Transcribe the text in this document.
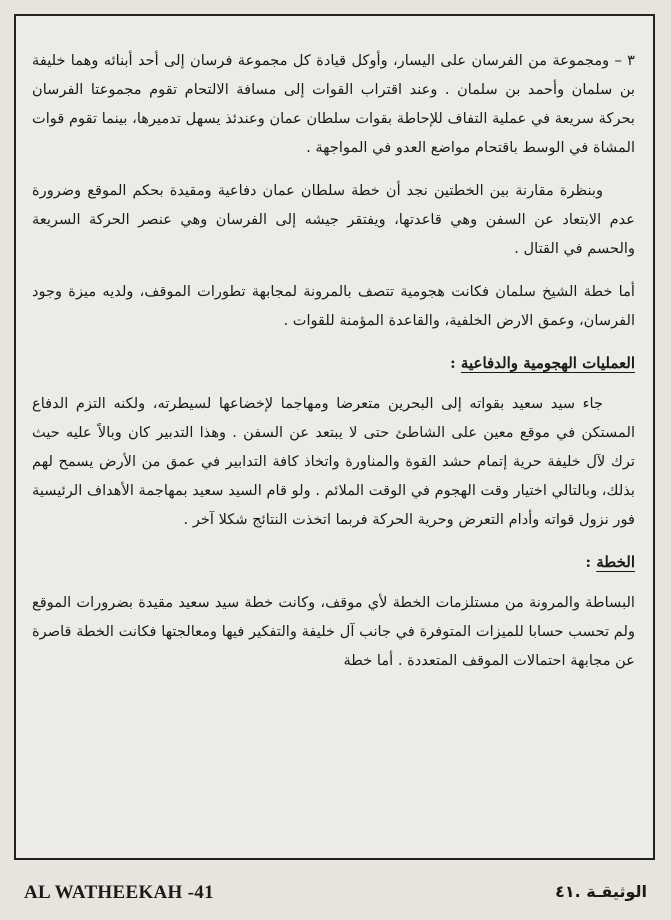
٣ – ومجموعة من الفرسان على اليسار، وأوكل قيادة كل مجموعة فرسان إلى أحد أبنائه وهما خليفة بن سلمان وأحمد بن سلمان . وعند اقتراب القوات إلى مسافة الالتحام تقوم مجموعتا الفرسان بحركة سريعة في عملية التفاف للإحاطة بقوات سلطان عمان وعندئذ يسهل تدميرها، بينما تقوم قوات المشاة في الوسط باقتحام مواضع العدو في المواجهة .

وبنظرة مقارنة بين الخطتين نجد أن خطة سلطان عمان دفاعية ومقيدة بحكم الموقع وضرورة عدم الابتعاد عن السفن وهي قاعدتها، ويفتقر جيشه إلى الفرسان وهي عنصر الحركة السريعة والحسم في القتال .

أما خطة الشيخ سلمان فكانت هجومية تتصف بالمرونة لمجابهة تطورات الموقف، ولديه ميزة وجود الفرسان، وعمق الارض الخلفية، والقاعدة المؤمنة للقوات .

العمليات الهجومية والدفاعية :

جاء سيد سعيد بقواته إلى البحرين متعرضا ومهاجما لإخضاعها لسيطرته، ولكنه التزم الدفاع المستكن في موقع معين على الشاطئ حتى لا يبتعد عن السفن . وهذا التدبير كان وبالاً عليه حيث ترك لآل خليفة حرية إتمام حشد القوة والمناورة واتخاذ كافة التدابير في عمق من الأرض يسمح لهم بذلك، وبالتالي اختيار وقت الهجوم في الوقت الملائم . ولو قام السيد سعيد بمهاجمة الأهداف الرئيسية فور نزول قواته وأدام التعرض وحرية الحركة فربما اتخذت النتائج شكلا آخر .

الخطة :

البساطة والمرونة من مستلزمات الخطة لأي موقف، وكانت خطة سيد سعيد مقيدة بضرورات الموقع ولم تحسب حسابا للميزات المتوفرة في جانب آل خليفة والتفكير فيها ومعالجتها فكانت الخطة قاصرة عن مجابهة احتمالات الموقف المتعددة . أما خطة

AL WATHEEKAH -41	الوثيقـة .٤١
